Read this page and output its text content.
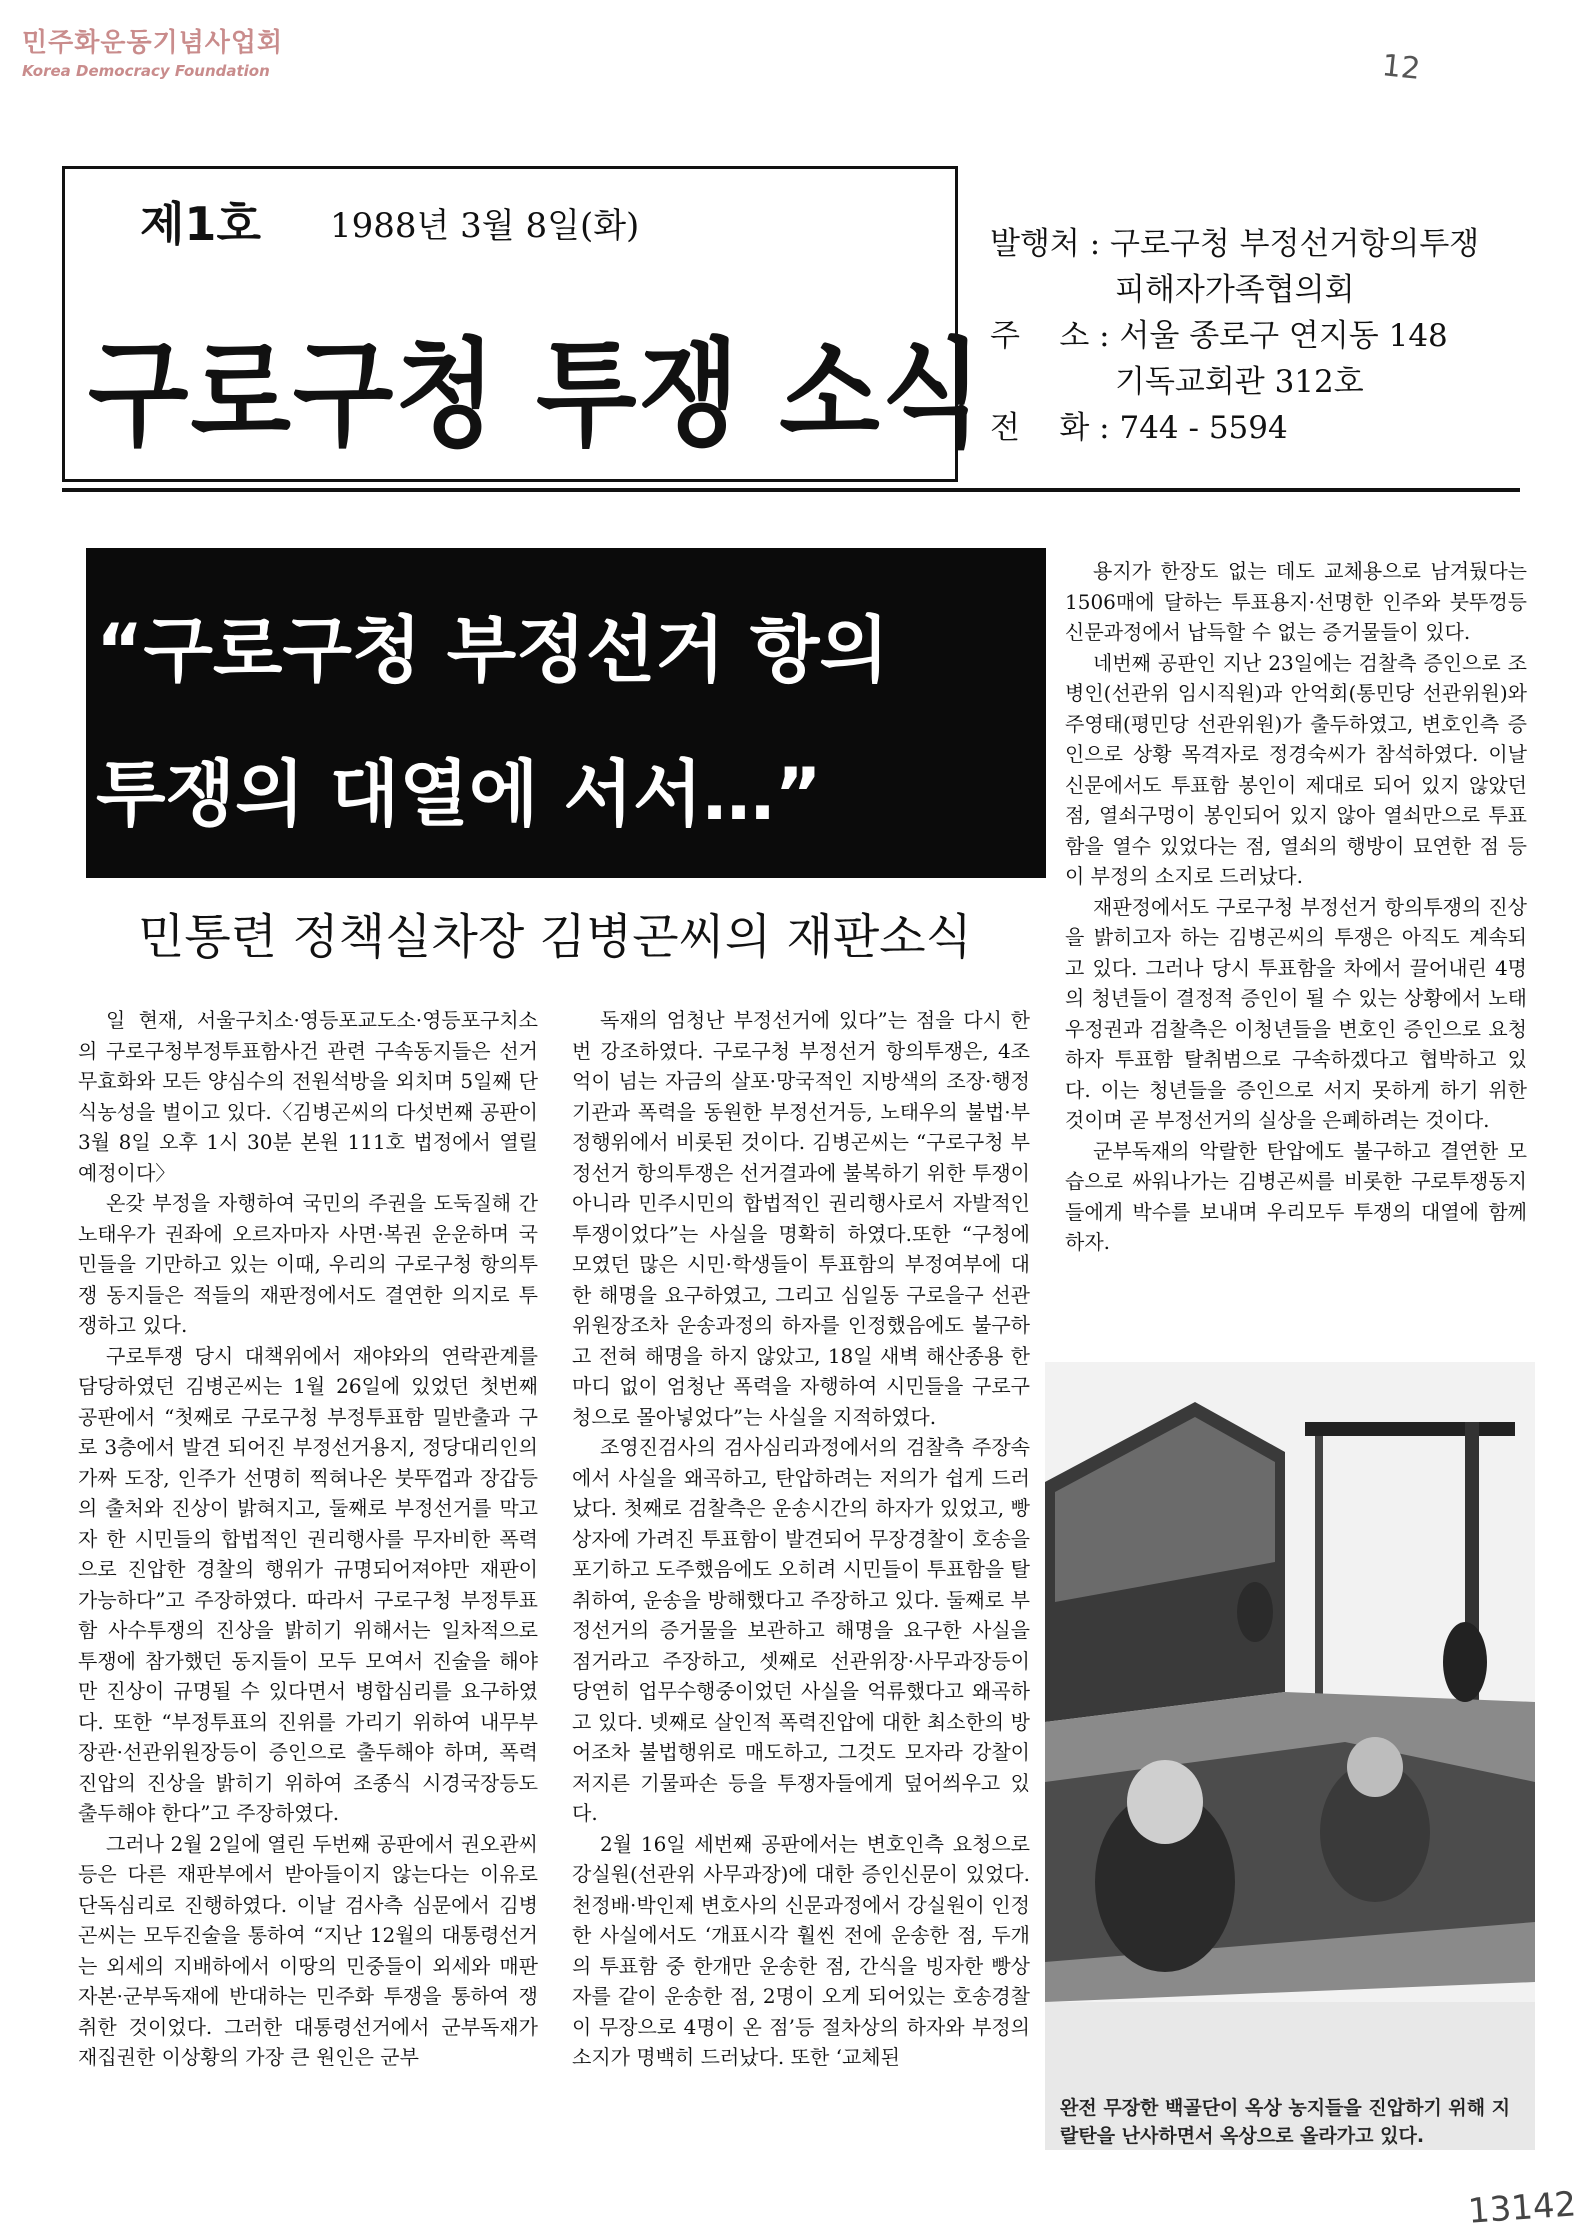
민주화운동기념사업회
Korea Democracy Foundation	12
13142
제1호 1988년 3월 8일(화)
구로구청 투쟁 소식
발행처 : 구로구청 부정선거항의투쟁
피해자가족협의회
주    소 : 서울 종로구 연지동 148
기독교회관 312호
전    화 : 744 - 5594
“구로구청 부정선거 항의
투쟁의 대열에 서서…”
민통련 정책실차장 김병곤씨의 재판소식

일 현재, 서울구치소·영등포교도소·영등포구치소의 구로구청부정투표함사건 관련 구속동지들은 선거무효화와 모든 양심수의 전원석방을 외치며 5일째 단식농성을 벌이고 있다.〈김병곤씨의 다섯번째 공판이 3월 8일 오후 1시 30분 본원 111호 법정에서 열릴 예정이다〉

온갖 부정을 자행하여 국민의 주권을 도둑질해 간 노태우가 권좌에 오르자마자 사면·복권 운운하며 국민들을 기만하고 있는 이때, 우리의 구로구청 항의투쟁 동지들은 적들의 재판정에서도 결연한 의지로 투쟁하고 있다.

구로투쟁 당시 대책위에서 재야와의 연락관계를 담당하였던 김병곤씨는 1월 26일에 있었던 첫번째 공판에서 “첫째로 구로구청 부정투표함 밀반출과 구로 3층에서 발견 되어진 부정선거용지, 정당대리인의 가짜 도장, 인주가 선명히 찍혀나온 붓뚜껍과 장갑등의 출처와 진상이 밝혀지고, 둘째로 부정선거를 막고자 한 시민들의 합법적인 권리행사를 무자비한 폭력으로 진압한 경찰의 행위가 규명되어져야만 재판이 가능하다”고 주장하였다. 따라서 구로구청 부정투표함 사수투쟁의 진상을 밝히기 위해서는 일차적으로 투쟁에 참가했던 동지들이 모두 모여서 진술을 해야만 진상이 규명될 수 있다면서 병합심리를 요구하였다. 또한 “부정투표의 진위를 가리기 위하여 내무부장관·선관위원장등이 증인으로 출두해야 하며, 폭력진압의 진상을 밝히기 위하여 조종식 시경국장등도 출두해야 한다”고 주장하였다.

그러나 2월 2일에 열린 두번째 공판에서 권오관씨 등은 다른 재판부에서 받아들이지 않는다는 이유로 단독심리로 진행하였다. 이날 검사측 심문에서 김병곤씨는 모두진술을 통하여 “지난 12월의 대통령선거는 외세의 지배하에서 이땅의 민중들이 외세와 매판자본·군부독재에 반대하는 민주화 투쟁을 통하여 쟁취한 것이었다. 그러한 대통령선거에서 군부독재가 재집권한 이상황의 가장 큰 원인은 군부

독재의 엄청난 부정선거에 있다”는 점을 다시 한번 강조하였다. 구로구청 부정선거 항의투쟁은, 4조억이 넘는 자금의 살포·망국적인 지방색의 조장·행정기관과 폭력을 동원한 부정선거등, 노태우의 불법·부정행위에서 비롯된 것이다. 김병곤씨는 “구로구청 부정선거 항의투쟁은 선거결과에 불복하기 위한 투쟁이 아니라 민주시민의 합법적인 권리행사로서 자발적인 투쟁이었다”는 사실을 명확히 하였다.또한 “구청에 모였던 많은 시민·학생들이 투표함의 부정여부에 대한 해명을 요구하였고, 그리고 심일동 구로을구 선관위원장조차 운송과정의 하자를 인정했음에도 불구하고 전혀 해명을 하지 않았고, 18일 새벽 해산종용 한마디 없이 엄청난 폭력을 자행하여 시민들을 구로구청으로 몰아넣었다”는 사실을 지적하였다.

조영진검사의 검사심리과정에서의 검찰측 주장속에서 사실을 왜곡하고, 탄압하려는 저의가 쉽게 드러났다. 첫째로 검찰측은 운송시간의 하자가 있었고, 빵상자에 가려진 투표함이 발견되어 무장경찰이 호송을 포기하고 도주했음에도 오히려 시민들이 투표함을 탈취하여, 운송을 방해했다고 주장하고 있다. 둘째로 부정선거의 증거물을 보관하고 해명을 요구한 사실을 점거라고 주장하고, 셋째로 선관위장·사무과장등이 당연히 업무수행중이었던 사실을 억류했다고 왜곡하고 있다. 넷째로 살인적 폭력진압에 대한 최소한의 방어조차 불법행위로 매도하고, 그것도 모자라 강찰이 저지른 기물파손 등을 투쟁자들에게 덮어씌우고 있다.

2월 16일 세번째 공판에서는 변호인측 요청으로 강실원(선관위 사무과장)에 대한 증인신문이 있었다. 천정배·박인제 변호사의 신문과정에서 강실원이 인정한 사실에서도 ‘개표시각 훨씬 전에 운송한 점, 두개의 투표함 중 한개만 운송한 점, 간식을 빙자한 빵상자를 같이 운송한 점, 2명이 오게 되어있는 호송경찰이 무장으로 4명이 온 점’등 절차상의 하자와 부정의 소지가 명백히 드러났다. 또한 ‘교체된

용지가 한장도 없는 데도 교체용으로 남겨뒀다는 1506매에 달하는 투표용지·선명한 인주와 붓뚜껑등 신문과정에서 납득할 수 없는 증거물들이 있다.

네번째 공판인 지난 23일에는 검찰측 증인으로 조병인(선관위 임시직원)과 안억회(통민당 선관위원)와 주영태(평민당 선관위원)가 출두하였고, 변호인측 증인으로 상황 목격자로 정경숙씨가 참석하였다. 이날 신문에서도 투표함 봉인이 제대로 되어 있지 않았던 점, 열쇠구멍이 봉인되어 있지 않아 열쇠만으로 투표함을 열수 있었다는 점, 열쇠의 행방이 묘연한 점 등이 부정의 소지로 드러났다.

재판정에서도 구로구청 부정선거 항의투쟁의 진상을 밝히고자 하는 김병곤씨의 투쟁은 아직도 계속되고 있다. 그러나 당시 투표함을 차에서 끌어내린 4명의 청년들이 결정적 증인이 될 수 있는 상황에서 노태우정권과 검찰측은 이청년들을 변호인 증인으로 요청하자 투표함 탈취범으로 구속하겠다고 협박하고 있다. 이는 청년들을 증인으로 서지 못하게 하기 위한 것이며 곧 부정선거의 실상을 은폐하려는 것이다.

군부독재의 악랄한 탄압에도 불구하고 결연한 모습으로 싸워나가는 김병곤씨를 비롯한 구로투쟁동지들에게 박수를 보내며 우리모두 투쟁의 대열에 함께하자.

완전 무장한 백골단이 옥상 농지들을 진압하기 위해 지랄탄을 난사하면서 옥상으로 올라가고 있다.
